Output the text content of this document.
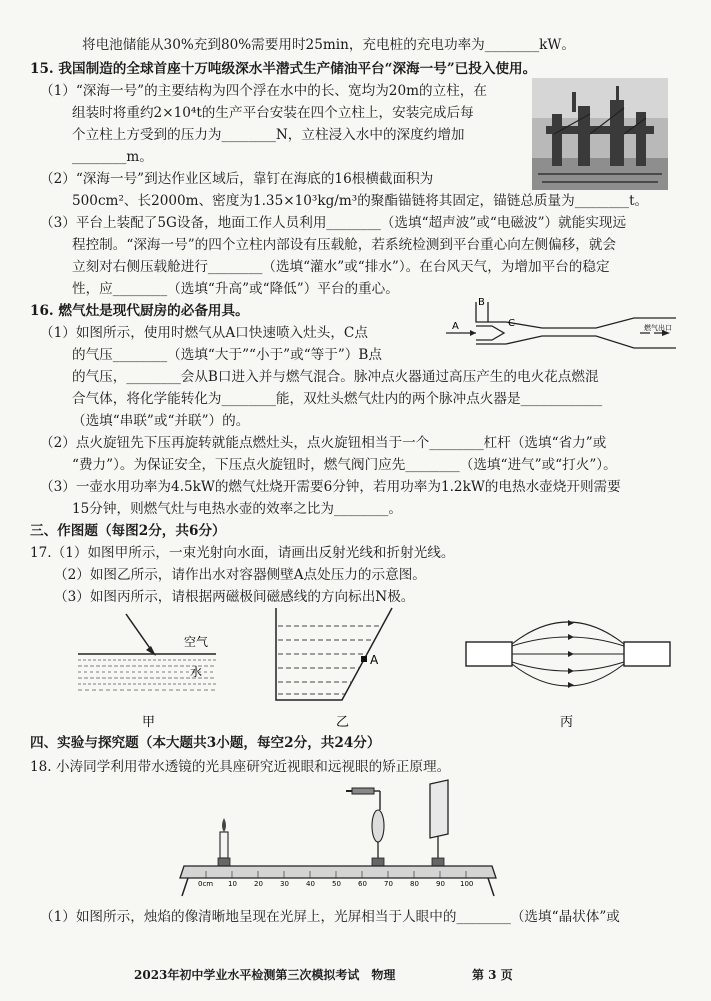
将电池储能从30%充到80%需要用时25min，充电桩的充电功率为________kW。
15. 我国制造的全球首座十万吨级深水半潜式生产储油平台“深海一号”已投入使用。
（1）“深海一号”的主要结构为四个浮在水中的长、宽均为20m的立柱，在
组装时将重约2×10⁴t的生产平台安装在四个立柱上，安装完成后每
个立柱上方受到的压力为________N，立柱浸入水中的深度约增加
________m。
（2）“深海一号”到达作业区域后，靠钉在海底的16根横截面积为
500cm²、长2000m、密度为1.35×10³kg/m³的聚酯锚链将其固定，锚链总质量为________t。
（3）平台上装配了5G设备，地面工作人员利用________（选填“超声波”或“电磁波”）就能实现远
程控制。“深海一号”的四个立柱内部设有压载舱，若系统检测到平台重心向左侧偏移，就会
立刻对右侧压载舱进行________（选填“灌水”或“排水”）。在台风天气，为增加平台的稳定
性，应________（选填“升高”或“降低”）平台的重心。
16. 燃气灶是现代厨房的必备用具。
（1）如图所示，使用时燃气从A口快速喷入灶头，C点
的气压________（选填“大于”“小于”或“等于”）B点
的气压，________会从B口进入并与燃气混合。脉冲点火器通过高压产生的电火花点燃混
合气体，将化学能转化为________能，双灶头燃气灶内的两个脉冲点火器是____________
（选填“串联”或“并联”）的。
（2）点火旋钮先下压再旋转就能点燃灶头，点火旋钮相当于一个________杠杆（选填“省力”或
“费力”）。为保证安全，下压点火旋钮时，燃气阀门应先________（选填“进气”或“打火”）。
（3）一壶水用功率为4.5kW的燃气灶烧开需要6分钟，若用功率为1.2kW的电热水壶烧开则需要
15分钟，则燃气灶与电热水壶的效率之比为________。
三、作图题（每图2分，共6分）
17.（1）如图甲所示，一束光射向水面，请画出反射光线和折射光线。
（2）如图乙所示，请作出水对容器侧壁A点处压力的示意图。
（3）如图丙所示，请根据两磁极间磁感线的方向标出N极。
四、实验与探究题（本大题共3小题，每空2分，共24分）
18. 小涛同学利用带水透镜的光具座研究近视眼和远视眼的矫正原理。
（1）如图所示，烛焰的像清晰地呈现在光屏上，光屏相当于人眼中的________（选填“晶状体”或
A
B
C	燃气出口
空气
水
甲
A
乙	丙
0cm 10 20 30 40 50 60 70 80 90 100
2023年初中学业水平检测第三次模拟考试　物理	第 3 页
